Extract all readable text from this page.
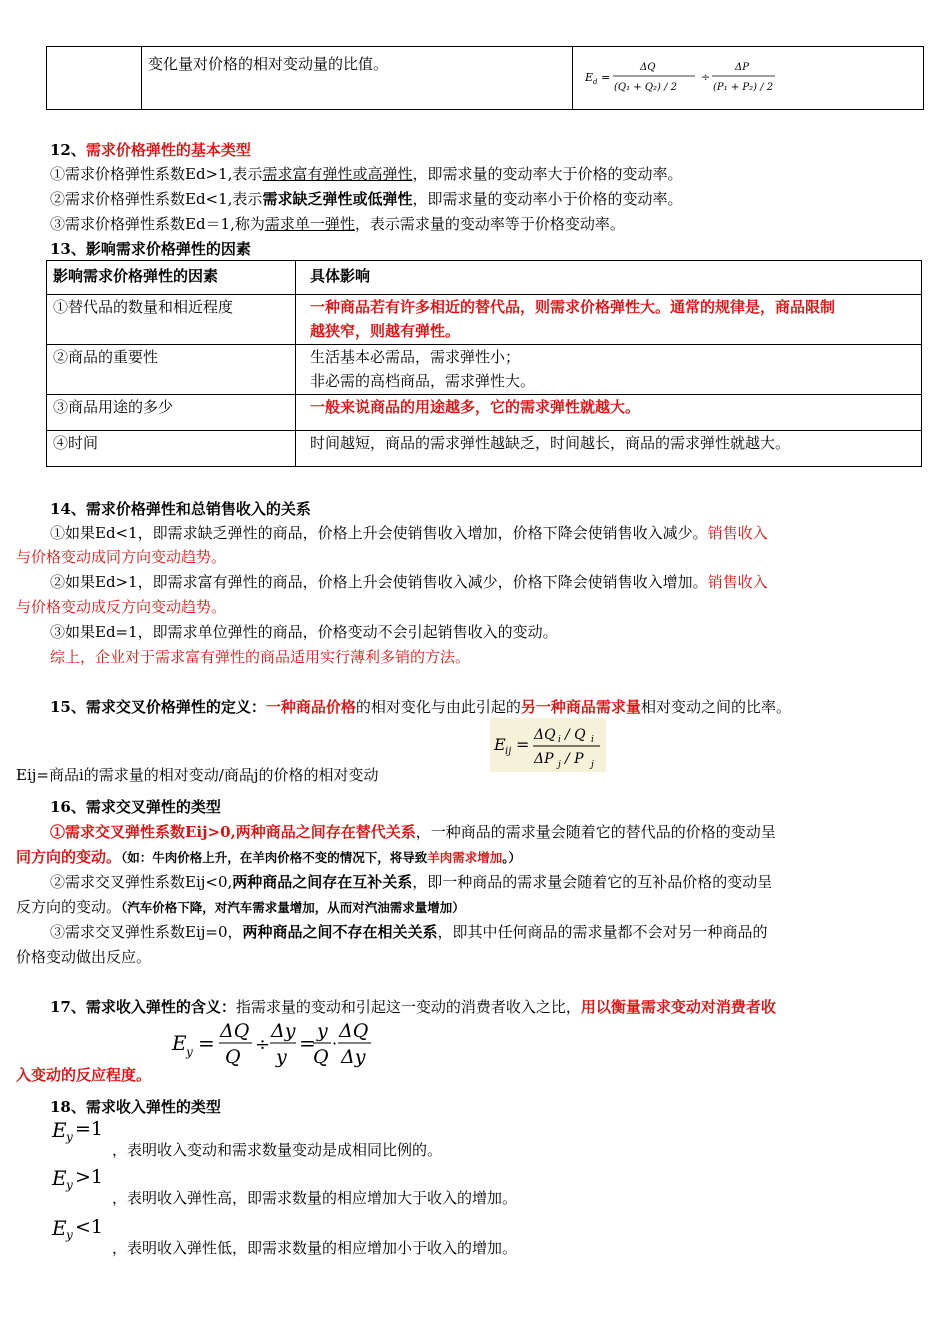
变化量对价格的相对变动量的比值。
E d =
ΔQ
(Q₁ + Q₂) / 2
÷
ΔP
(P₁ + P₂) / 2
12、需求价格弹性的基本类型
①需求价格弹性系数Ed>1,表示需求富有弹性或高弹性，即需求量的变动率大于价格的变动率。
②需求价格弹性系数Ed<1,表示需求缺乏弹性或低弹性，即需求量的变动率小于价格的变动率。
③需求价格弹性系数Ed＝1,称为需求单一弹性，表示需求量的变动率等于价格变动率。
13、影响需求价格弹性的因素
影响需求价格弹性的因素	具体影响
①替代品的数量和相近程度	一种商品若有许多相近的替代品，则需求价格弹性大。通常的规律是，商品限制
越狭窄，则越有弹性。

②商品的重要性	生活基本必需品，需求弹性小；
非必需的高档商品，需求弹性大。

③商品用途的多少	一般来说商品的用途越多，它的需求弹性就越大。
④时间	时间越短，商品的需求弹性越缺乏，时间越长，商品的需求弹性就越大。
14、需求价格弹性和总销售收入的关系
①如果Ed<1，即需求缺乏弹性的商品，价格上升会使销售收入增加，价格下降会使销售收入减少。销售收入
与价格变动成同方向变动趋势。
②如果Ed>1，即需求富有弹性的商品，价格上升会使销售收入减少，价格下降会使销售收入增加。销售收入
与价格变动成反方向变动趋势。
③如果Ed=1，即需求单位弹性的商品，价格变动不会引起销售收入的变动。
综上，企业对于需求富有弹性的商品适用实行薄利多销的方法。
15、需求交叉价格弹性的定义：一种商品价格的相对变化与由此引起的另一种商品需求量相对变动之间的比率。
E ij = ΔQ i / Q i
ΔP j / P j
Eij=商品i的需求量的相对变动/商品j的价格的相对变动
16、需求交叉弹性的类型
①需求交叉弹性系数Eij>0,两种商品之间存在替代关系，一种商品的需求量会随着它的替代品的价格的变动呈
同方向的变动。（如：牛肉价格上升，在羊肉价格不变的情况下，将导致羊肉需求增加。）
②需求交叉弹性系数Eij<0,两种商品之间存在互补关系，即一种商品的需求量会随着它的互补品价格的变动呈
反方向的变动。（汽车价格下降，对汽车需求量增加，从而对汽油需求量增加）
③需求交叉弹性系数Eij=0，两种商品之间不存在相关关系，即其中任何商品的需求量都不会对另一种商品的
价格变动做出反应。
17、需求收入弹性的含义：指需求量的变动和引起这一变动的消费者收入之比，用以衡量需求变动对消费者收
E y = ΔQ
Q
÷
Δy
y
= y
Q
·
ΔQ
Δy
入变动的反应程度。
18、需求收入弹性的类型
E y =1
，表明收入变动和需求数量变动是成相同比例的。
E y >1
，表明收入弹性高，即需求数量的相应增加大于收入的增加。
E y <1
，表明收入弹性低，即需求数量的相应增加小于收入的增加。
